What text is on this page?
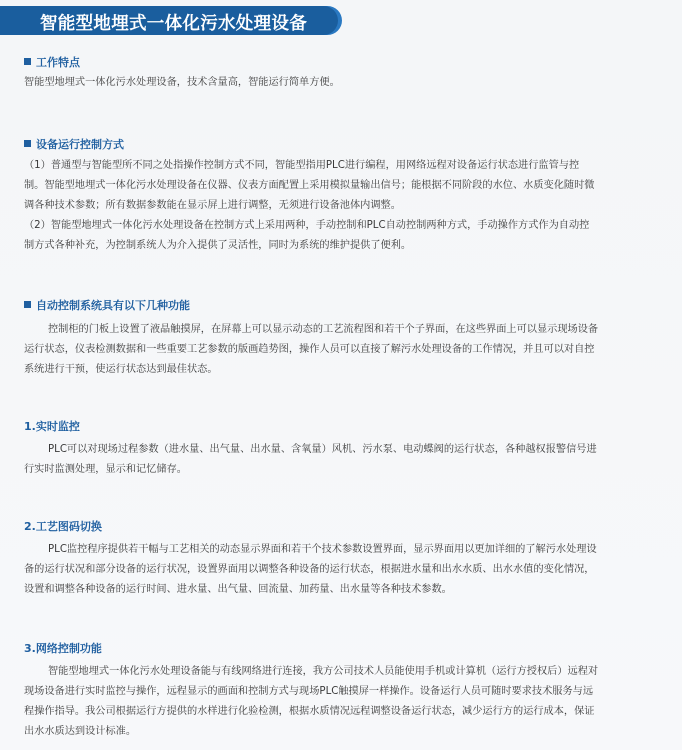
智能型地埋式一体化污水处理设备
工作特点
智能型地埋式一体化污水处理设备，技术含量高，智能运行简单方便。
设备运行控制方式
（1）普通型与智能型所不同之处指操作控制方式不同，智能型指用PLC进行编程，用网络远程对设备运行状态进行监管与控
制。智能型地埋式一体化污水处理设备在仪器、仪表方面配置上采用模拟量输出信号；能根据不同阶段的水位、水质变化随时微
调各种技术参数；所有数据参数能在显示屏上进行调整，无须进行设备池体内调整。
（2）智能型地埋式一体化污水处理设备在控制方式上采用两种，手动控制和PLC自动控制两种方式，手动操作方式作为自动控
制方式各种补充，为控制系统人为介入提供了灵活性，同时为系统的维护提供了便利。
自动控制系统具有以下几种功能
控制柜的门板上设置了液晶触摸屏，在屏幕上可以显示动态的工艺流程图和若干个子界面，在这些界面上可以显示现场设备
运行状态，仪表检测数据和一些重要工艺参数的版画趋势图，操作人员可以直接了解污水处理设备的工作情况，并且可以对自控
系统进行干预，使运行状态达到最佳状态。
1.实时监控
PLC可以对现场过程参数（进水量、出气量、出水量、含氧量）风机、污水泵、电动蝶阀的运行状态，各种越权报警信号进
行实时监测处理，显示和记忆储存。
2.工艺图码切换
PLC监控程序提供若干幅与工艺相关的动态显示界面和若干个技术参数设置界面，显示界面用以更加详细的了解污水处理设
备的运行状况和部分设备的运行状况，设置界面用以调整各种设备的运行状态，根据进水量和出水水质、出水水值的变化情况，
设置和调整各种设备的运行时间、进水量、出气量、回流量、加药量、出水量等各种技术参数。
3.网络控制功能
智能型地埋式一体化污水处理设备能与有线网络进行连接，我方公司技术人员能使用手机或计算机（运行方授权后）远程对
现场设备进行实时监控与操作，远程显示的画面和控制方式与现场PLC触摸屏一样操作。设备运行人员可随时要求技术服务与远
程操作指导。我公司根据运行方提供的水样进行化验检测，根据水质情况远程调整设备运行状态，减少运行方的运行成本，保证
出水水质达到设计标准。
